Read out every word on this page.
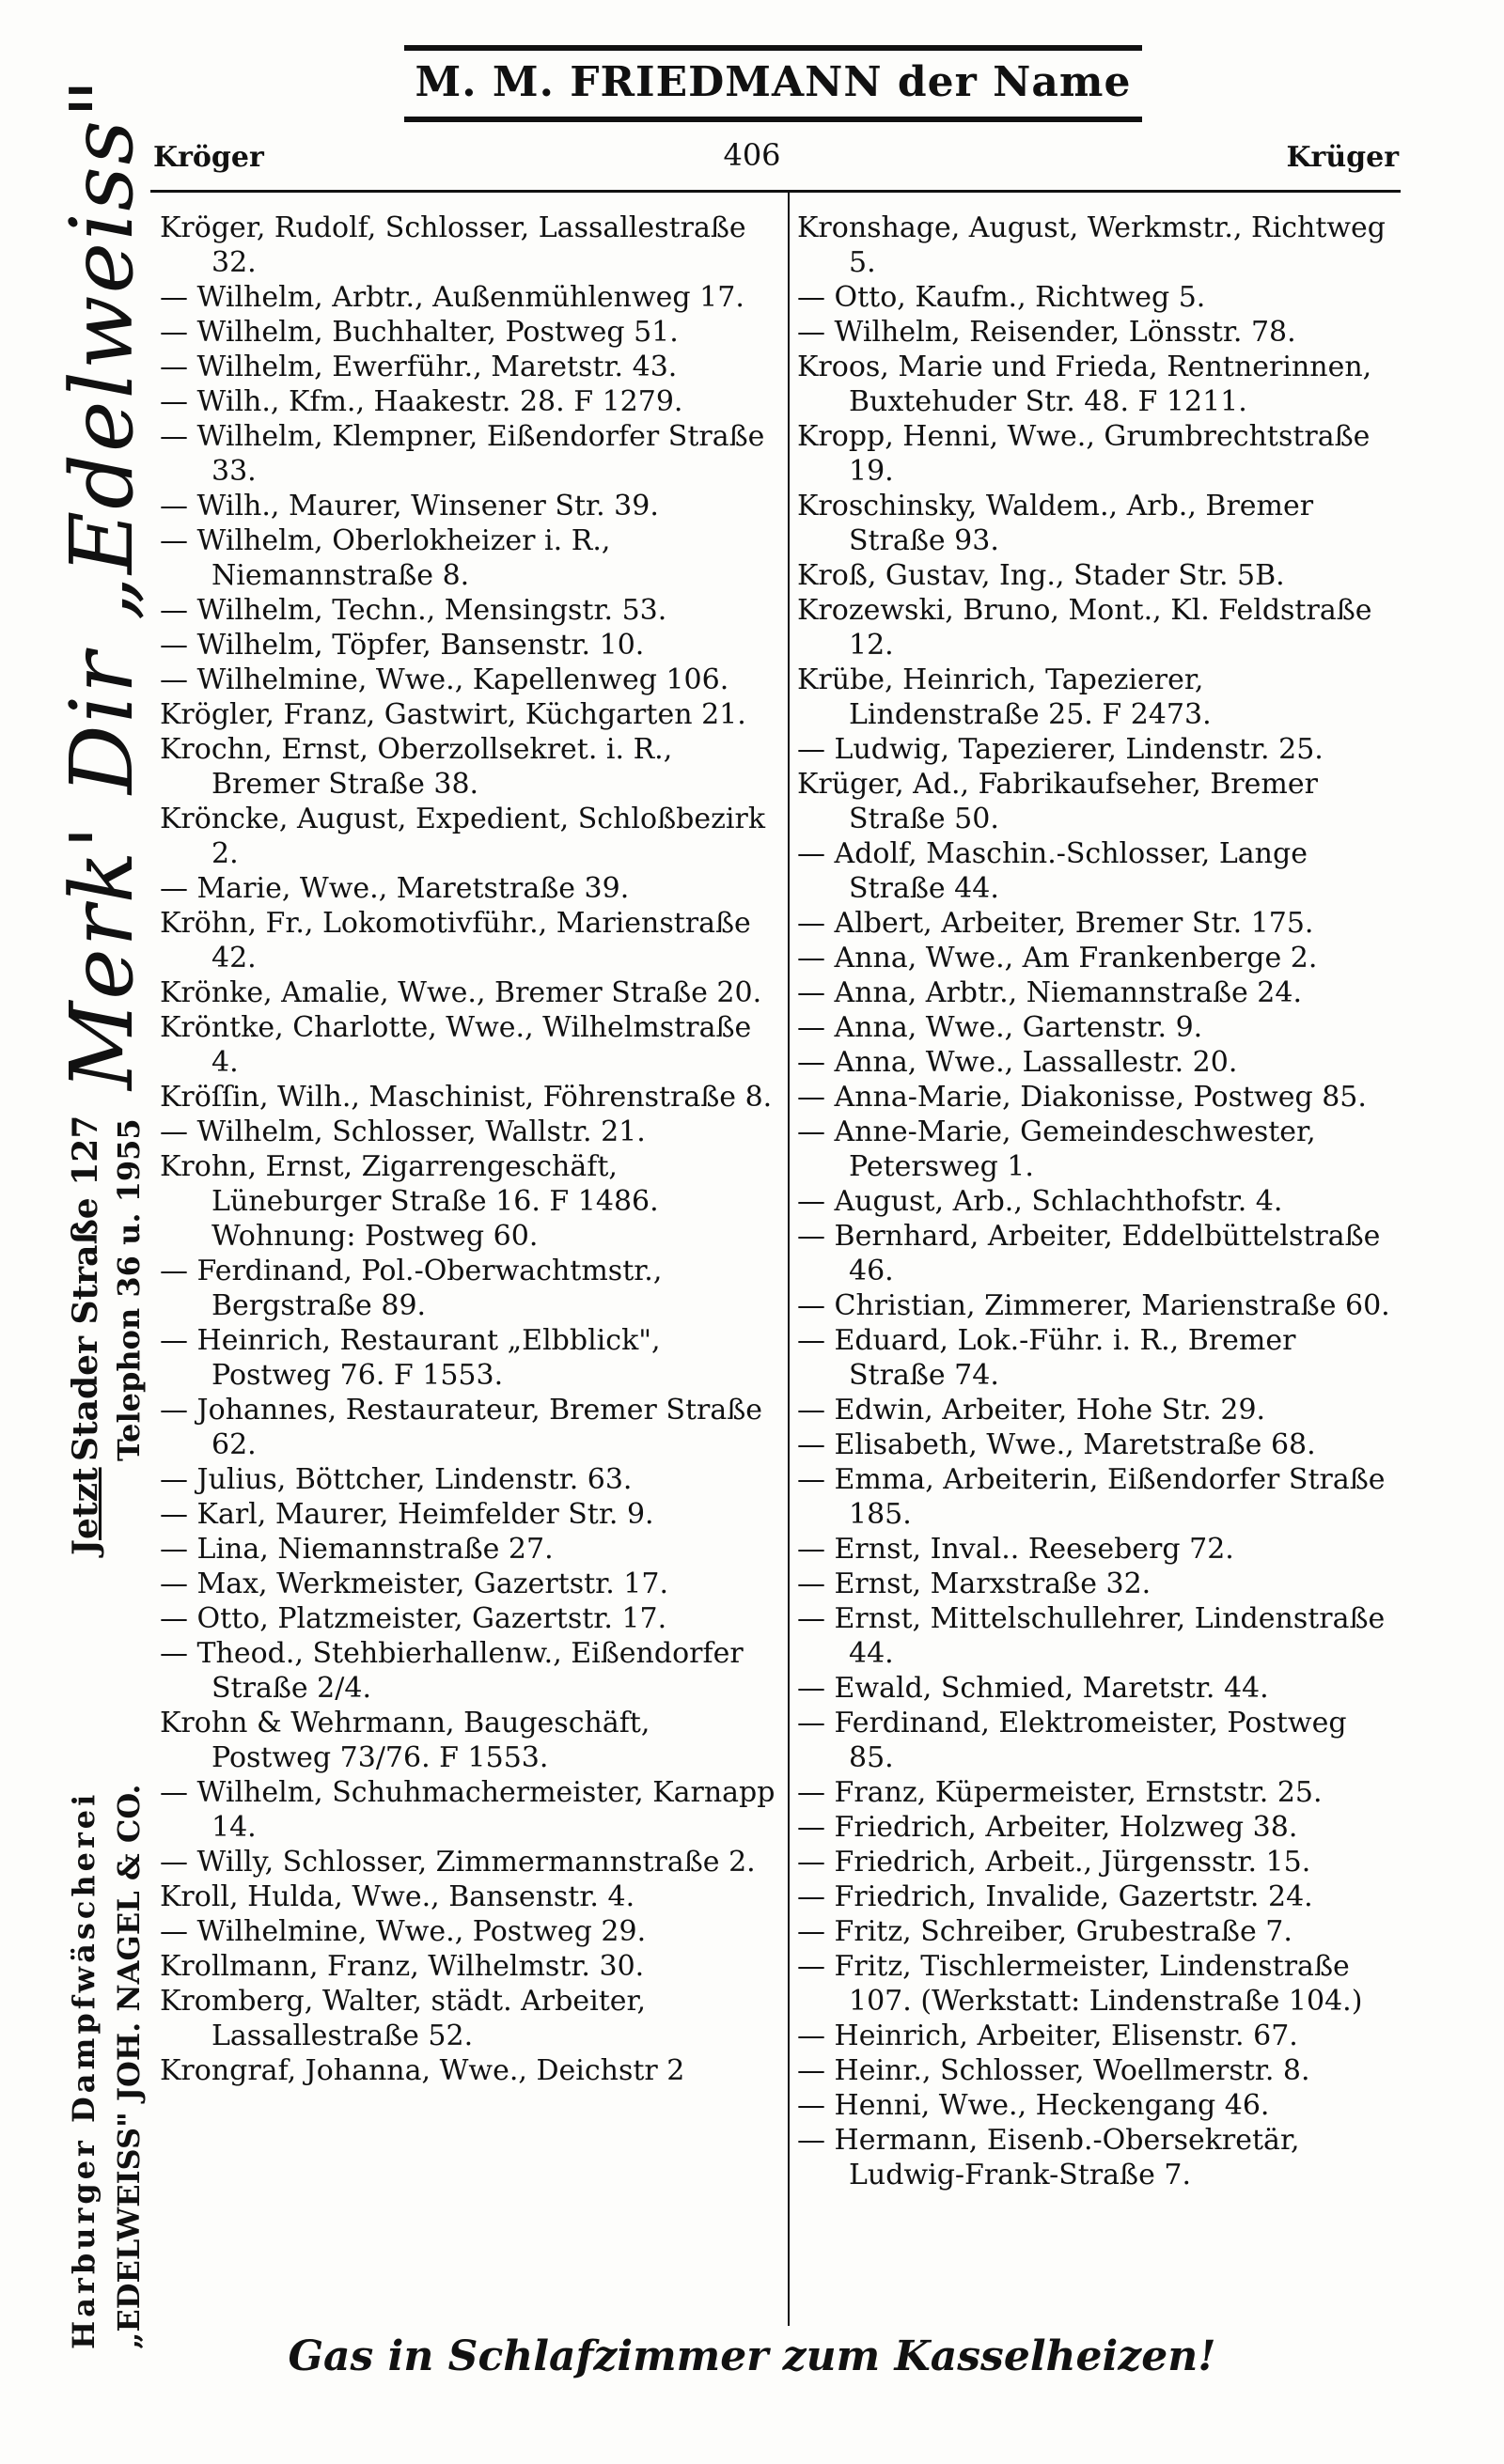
M. M. FRIEDMANN der Name
Kröger	406	Krüger
Merk' Dir „Edelweiss"
Harburger Dampfwäscherei „EDELWEISS" JOH. NAGEL & CO.
Jetzt
Stader Straße 127 Telephon 36 u. 1955

Kröger, Rudolf, Schlosser, Lassallestraße 32.

— Wilhelm, Arbtr., Außenmühlenweg 17.

— Wilhelm, Buchhalter, Postweg 51.

— Wilhelm, Ewerführ., Maretstr. 43.

— Wilh., Kfm., Haakestr. 28. F 1279.

— Wilhelm, Klempner, Eißendorfer Straße 33.

— Wilh., Maurer, Winsener Str. 39.

— Wilhelm, Oberlokheizer i. R., Niemannstraße 8.

— Wilhelm, Techn., Mensingstr. 53.

— Wilhelm, Töpfer, Bansenstr. 10.

— Wilhelmine, Wwe., Kapellenweg 106.

Krögler, Franz, Gastwirt, Küchgarten 21.

Krochn, Ernst, Oberzollsekret. i. R., Bremer Straße 38.

Kröncke, August, Expedient, Schloßbezirk 2.

— Marie, Wwe., Maretstraße 39.

Kröhn, Fr., Lokomotivführ., Marienstraße 42.

Krönke, Amalie, Wwe., Bremer Straße 20.

Kröntke, Charlotte, Wwe., Wilhelmstraße 4.

Kröſſin, Wilh., Maschinist, Föhrenstraße 8.

— Wilhelm, Schlosser, Wallstr. 21.

Krohn, Ernst, Zigarrengeschäft, Lüneburger Straße 16. F 1486. Wohnung: Postweg 60.

— Ferdinand, Pol.-Oberwachtmstr., Bergstraße 89.

— Heinrich, Restaurant „Elbblick", Postweg 76. F 1553.

— Johannes, Restaurateur, Bremer Straße 62.

— Julius, Böttcher, Lindenstr. 63.

— Karl, Maurer, Heimfelder Str. 9.

— Lina, Niemannstraße 27.

— Max, Werkmeister, Gazertstr. 17.

— Otto, Platzmeister, Gazertstr. 17.

— Theod., Stehbierhallenw., Eißendorfer Straße 2/4.

Krohn & Wehrmann, Baugeschäft, Postweg 73/76. F 1553.

— Wilhelm, Schuhmachermeister, Karnapp 14.

— Willy, Schlosser, Zimmermannstraße 2.

Kroll, Hulda, Wwe., Bansenstr. 4.

— Wilhelmine, Wwe., Postweg 29.

Krollmann, Franz, Wilhelmstr. 30.

Kromberg, Walter, städt. Arbeiter, Lassallestraße 52.

Krongraf, Johanna, Wwe., Deichstr 2

Kronshage, August, Werkmstr., Richtweg 5.

— Otto, Kaufm., Richtweg 5.

— Wilhelm, Reisender, Lönsstr. 78.

Kroos, Marie und Frieda, Rentnerinnen, Buxtehuder Str. 48. F 1211.

Kropp, Henni, Wwe., Grumbrechtstraße 19.

Kroschinsky, Waldem., Arb., Bremer Straße 93.

Kroß, Gustav, Ing., Stader Str. 5B.

Krozewski, Bruno, Mont., Kl. Feldstraße 12.

Krübe, Heinrich, Tapezierer, Lindenstraße 25. F 2473.

— Ludwig, Tapezierer, Lindenstr. 25.

Krüger, Ad., Fabrikaufseher, Bremer Straße 50.

— Adolf, Maschin.-Schlosser, Lange Straße 44.

— Albert, Arbeiter, Bremer Str. 175.

— Anna, Wwe., Am Frankenberge 2.

— Anna, Arbtr., Niemannstraße 24.

— Anna, Wwe., Gartenstr. 9.

— Anna, Wwe., Lassallestr. 20.

— Anna-Marie, Diakonisse, Postweg 85.

— Anne-Marie, Gemeindeschwester, Petersweg 1.

— August, Arb., Schlachthofstr. 4.

— Bernhard, Arbeiter, Eddelbüttelstraße 46.

— Christian, Zimmerer, Marienstraße 60.

— Eduard, Lok.-Führ. i. R., Bremer Straße 74.

— Edwin, Arbeiter, Hohe Str. 29.

— Elisabeth, Wwe., Maretstraße 68.

— Emma, Arbeiterin, Eißendorfer Straße 185.

— Ernst, Inval.. Reeseberg 72.

— Ernst, Marxstraße 32.

— Ernst, Mittelschullehrer, Lindenstraße 44.

— Ewald, Schmied, Maretstr. 44.

— Ferdinand, Elektromeister, Postweg 85.

— Franz, Küpermeister, Ernststr. 25.

— Friedrich, Arbeiter, Holzweg 38.

— Friedrich, Arbeit., Jürgensstr. 15.

— Friedrich, Invalide, Gazertstr. 24.

— Fritz, Schreiber, Grubestraße 7.

— Fritz, Tischlermeister, Lindenstraße 107. (Werkstatt: Lindenstraße 104.)

— Heinrich, Arbeiter, Elisenstr. 67.

— Heinr., Schlosser, Woellmerstr. 8.

— Henni, Wwe., Heckengang 46.

— Hermann, Eisenb.-Obersekretär, Ludwig-Frank-Straße 7.

Gas in Schlafzimmer zum Kasselheizen!
